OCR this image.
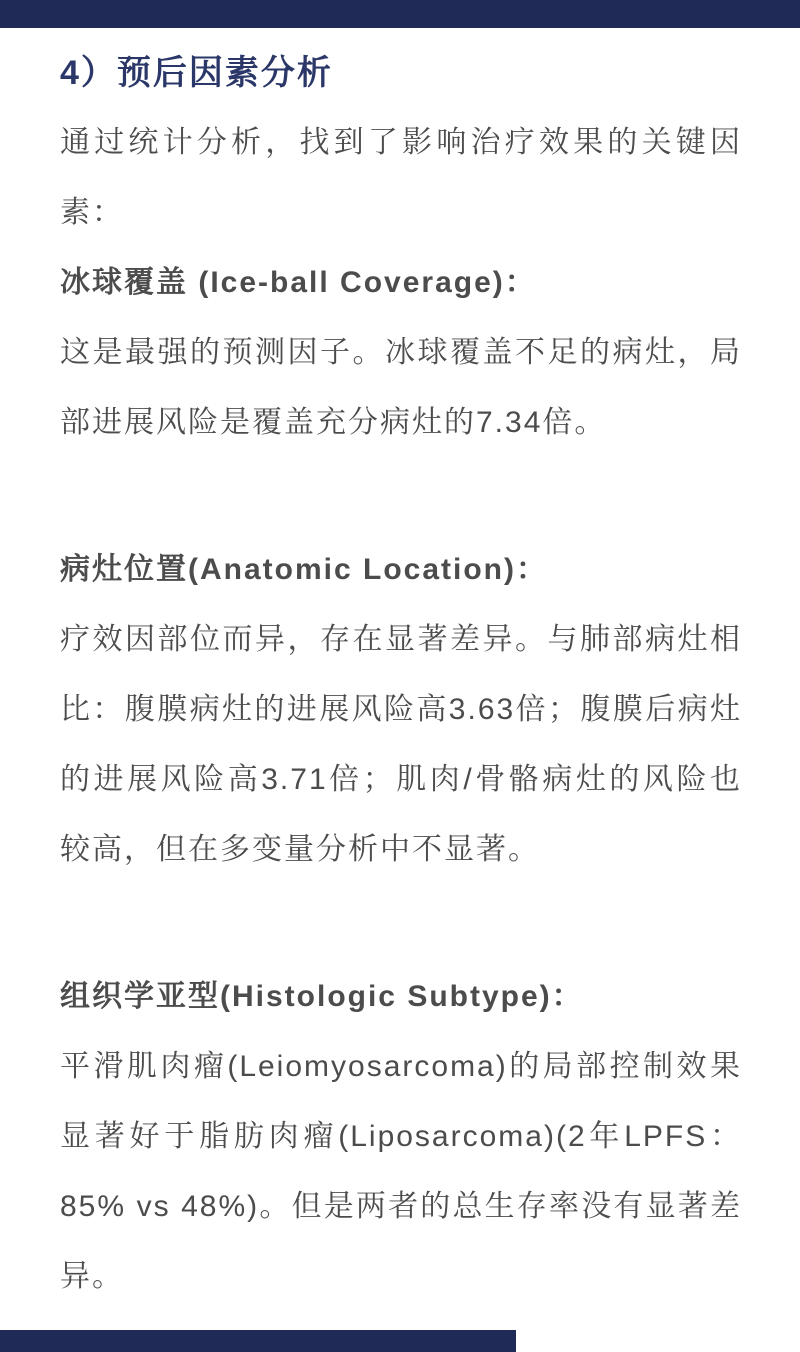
4）预后因素分析

通过统计分析，找到了影响治疗效果的关键因素：

冰球覆盖 (Ice-ball Coverage)：

这是最强的预测因子。冰球覆盖不足的病灶，局部进展风险是覆盖充分病灶的7.34倍。

病灶位置(Anatomic Location)：

疗效因部位而异，存在显著差异。与肺部病灶相比：腹膜病灶的进展风险高3.63倍；腹膜后病灶的进展风险高3.71倍；肌肉/骨骼病灶的风险也较高，但在多变量分析中不显著。

组织学亚型(Histologic Subtype)：

平滑肌肉瘤(Leiomyosarcoma)的局部控制效果显著好于脂肪肉瘤(Liposarcoma)(2年LPFS：85% vs 48%)。但是两者的总生存率没有显著差异。
